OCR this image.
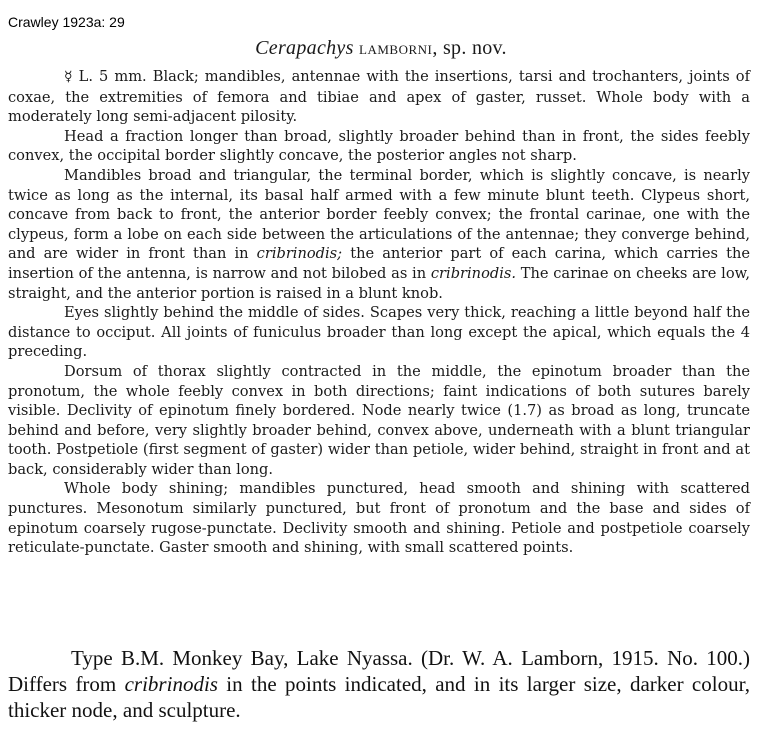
Crawley 1923a: 29
Cerapachys lamborni, sp. nov.

☿ L. 5 mm. Black; mandibles, antennae with the insertions, tarsi and trochanters, joints of coxae, the extremities of femora and tibiae and apex of gaster, russet. Whole body with a moderately long semi-adjacent pilosity.

Head a fraction longer than broad, slightly broader behind than in front, the sides feebly convex, the occipital border slightly concave, the posterior angles not sharp.

Mandibles broad and triangular, the terminal border, which is slightly concave, is nearly twice as long as the internal, its basal half armed with a few minute blunt teeth. Clypeus short, concave from back to front, the anterior border feebly convex; the frontal carinae, one with the clypeus, form a lobe on each side between the articulations of the antennae; they converge behind, and are wider in front than in cribrinodis; the anterior part of each carina, which carries the insertion of the antenna, is narrow and not bilobed as in cribrinodis. The carinae on cheeks are low, straight, and the anterior portion is raised in a blunt knob.

Eyes slightly behind the middle of sides. Scapes very thick, reaching a little beyond half the distance to occiput. All joints of funiculus broader than long except the apical, which equals the 4 preceding.

Dorsum of thorax slightly contracted in the middle, the epinotum broader than the pronotum, the whole feebly convex in both directions; faint indications of both sutures barely visible. Declivity of epinotum finely bordered. Node nearly twice (1.7) as broad as long, truncate behind and before, very slightly broader behind, convex above, underneath with a blunt triangular tooth. Postpetiole (first segment of gaster) wider than petiole, wider behind, straight in front and at back, considerably wider than long.

Whole body shining; mandibles punctured, head smooth and shining with scattered punctures. Mesonotum similarly punctured, but front of pronotum and the base and sides of epinotum coarsely rugose-punctate. Declivity smooth and shining. Petiole and postpetiole coarsely reticulate-punctate. Gaster smooth and shining, with small scattered points.

Type B.M. Monkey Bay, Lake Nyassa. (Dr. W. A. Lamborn, 1915. No. 100.) Differs from cribrinodis in the points indicated, and in its larger size, darker colour, thicker node, and sculpture.
